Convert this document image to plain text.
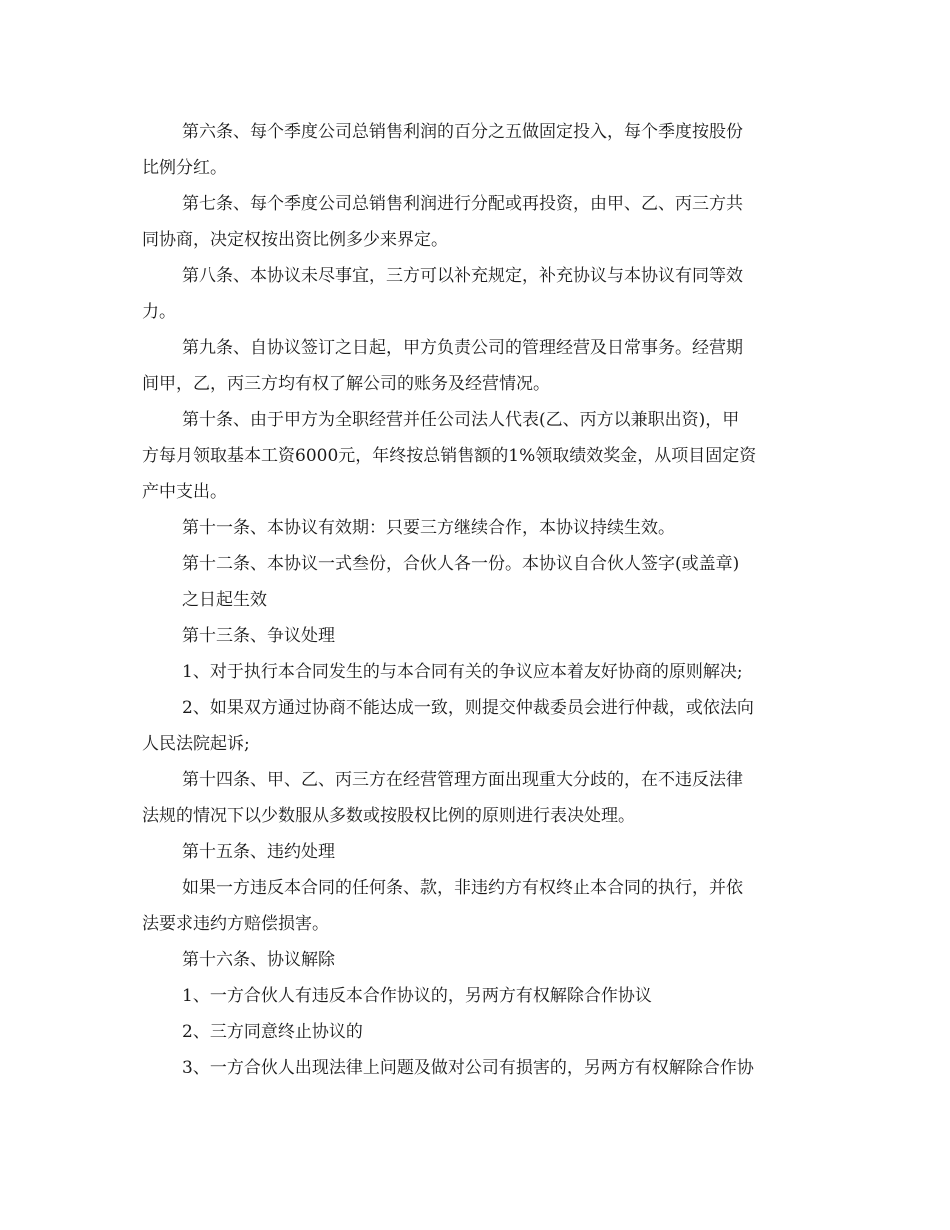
第六条、每个季度公司总销售利润的百分之五做固定投入，每个季度按股份
比例分红。
第七条、每个季度公司总销售利润进行分配或再投资，由甲、乙、丙三方共
同协商，决定权按出资比例多少来界定。
第八条、本协议未尽事宜，三方可以补充规定，补充协议与本协议有同等效
力。
第九条、自协议签订之日起，甲方负责公司的管理经营及日常事务。经营期
间甲，乙，丙三方均有权了解公司的账务及经营情况。
第十条、由于甲方为全职经营并任公司法人代表(乙、丙方以兼职出资)，甲
方每月领取基本工资6000元，年终按总销售额的1%领取绩效奖金，从项目固定资
产中支出。
第十一条、本协议有效期：只要三方继续合作，本协议持续生效。
第十二条、本协议一式叁份，合伙人各一份。本协议自合伙人签字(或盖章)
之日起生效
第十三条、争议处理
1、对于执行本合同发生的与本合同有关的争议应本着友好协商的原则解决;
2、如果双方通过协商不能达成一致，则提交仲裁委员会进行仲裁，或依法向
人民法院起诉;
第十四条、甲、乙、丙三方在经营管理方面出现重大分歧的，在不违反法律
法规的情况下以少数服从多数或按股权比例的原则进行表决处理。
第十五条、违约处理
如果一方违反本合同的任何条、款，非违约方有权终止本合同的执行，并依
法要求违约方赔偿损害。
第十六条、协议解除
1、一方合伙人有违反本合作协议的，另两方有权解除合作协议
2、三方同意终止协议的
3、一方合伙人出现法律上问题及做对公司有损害的，另两方有权解除合作协
